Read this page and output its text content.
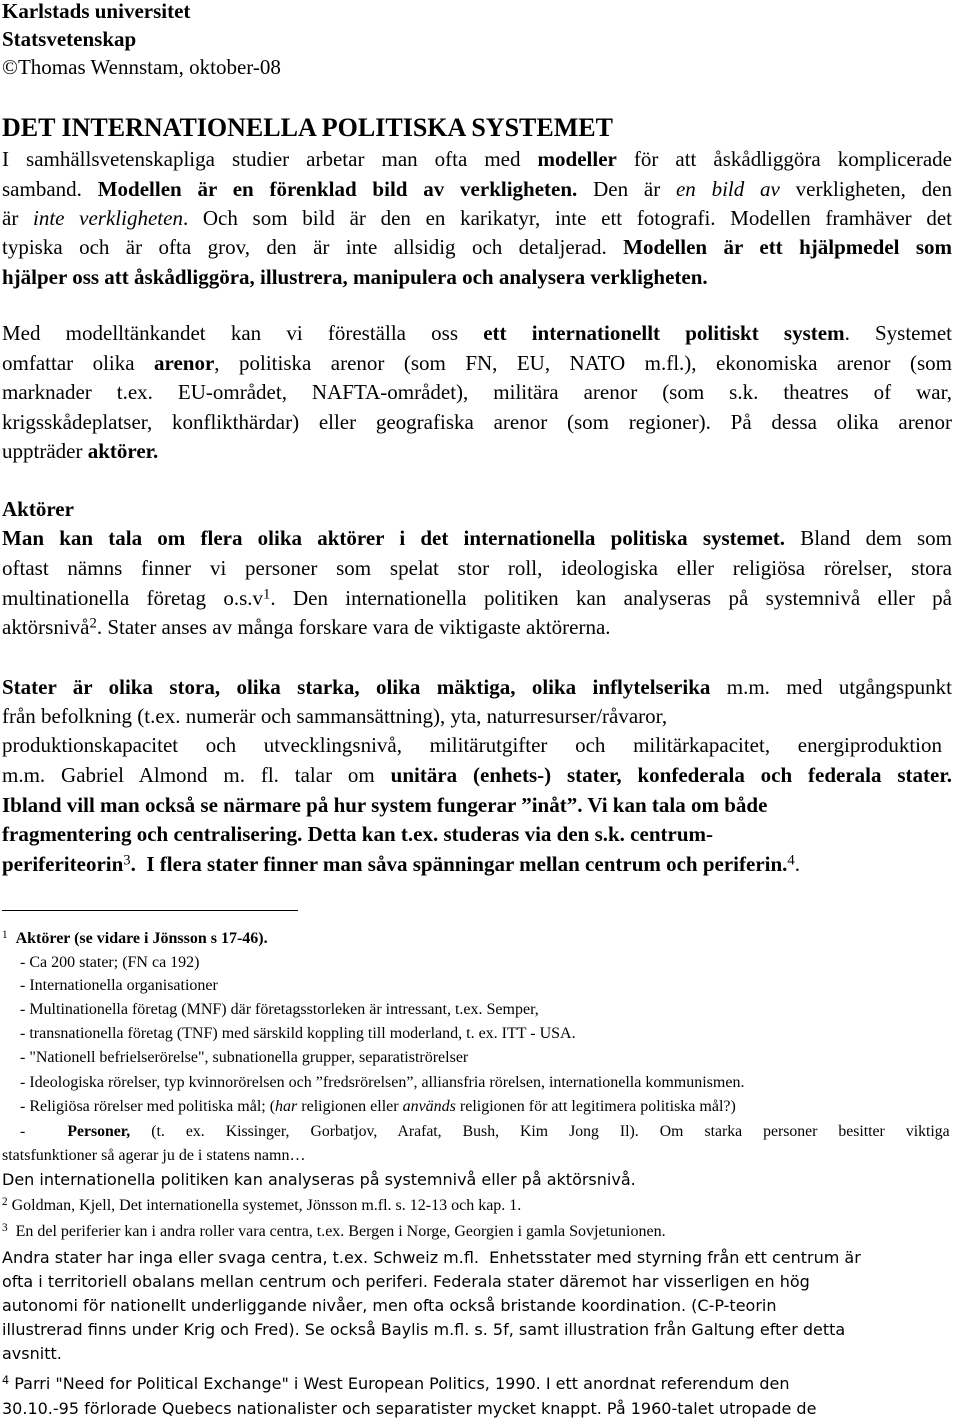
Karlstads universitet
Statsvetenskap
©Thomas Wennstam, oktober-08
DET INTERNATIONELLA POLITISKA SYSTEMET
I samhällsvetenskapliga studier arbetar man ofta med modeller för att åskådliggöra komplicerade
samband. Modellen är en förenklad bild av verkligheten. Den är en bild av verkligheten, den
är inte verkligheten. Och som bild är den en karikatyr, inte ett fotografi. Modellen framhäver det
typiska och är ofta grov, den är inte allsidig och detaljerad. Modellen är ett hjälpmedel som
hjälper oss att åskådliggöra, illustrera, manipulera och analysera verkligheten.
Med modelltänkandet kan vi föreställa oss ett internationellt politiskt system. Systemet
omfattar olika arenor, politiska arenor (som FN, EU, NATO m.fl.), ekonomiska arenor (som
marknader t.ex. EU-området, NAFTA-området), militära arenor (som s.k. theatres of war,
krigsskådeplatser, konflikthärdar) eller geografiska arenor (som regioner). På dessa olika arenor
uppträder aktörer.
Aktörer
Man kan tala om flera olika aktörer i det internationella politiska systemet. Bland dem som
oftast nämns finner vi personer som spelat stor roll, ideologiska eller religiösa rörelser, stora
multinationella företag $o.s.v^1$. Den internationella politiken kan analyseras på systemnivå eller på
aktörsnivå$^2$. Stater anses av många forskare vara de viktigaste aktörerna.
Stater är olika stora, olika starka, olika mäktiga, olika inflytelserika m.m. med utgångspunkt
från befolkning (t.ex. numerär och sammansättning), yta, naturresurser/råvaror,
produktionskapacitet och utvecklingsnivå, militärutgifter och militärkapacitet, energiproduktion
m.m. Gabriel Almond m. fl. talar om unitära (enhets-) stater, konfederala och federala stater.
Ibland vill man också se närmare på hur system fungerar ”inåt”. Vi kan tala om både
fragmentering och centralisering. Detta kan t.ex. studeras via den s.k. centrum-
periferiteorin$^3$.  I flera stater finner man såva spänningar mellan centrum och periferin.$^4$.
$^1$ Aktörer (se vidare i Jönsson s 17-46).
- Ca 200 stater; (FN ca 192)
- Internationella organisationer
- Multinationella företag (MNF) där företagsstorleken är intressant, t.ex. Semper,
- transnationella företag (TNF) med särskild koppling till moderland, t. ex. ITT - USA.
- "Nationell befrielserörelse", subnationella grupper, separatiströrelser
- Ideologiska rörelser, typ kvinnorörelsen och ”fredsrörelsen”, alliansfria rörelsen, internationella kommunismen.
- Religiösa rörelser med politiska mål; (har religionen eller används religionen för att legitimera politiska mål?)
-  Personer, (t. ex. Kissinger, Gorbatjov, Arafat, Bush, Kim Jong Il). Om starka personer besitter viktiga
statsfunktioner så agerar ju de i statens namn…
Den internationella politiken kan analyseras på systemnivå eller på aktörsnivå.
$^2$ Goldman, Kjell, Det internationella systemet, Jönsson m.fl. s. 12-13 och kap. 1.
$^3$  En del periferier kan i andra roller vara centra, t.ex. Bergen i Norge, Georgien i gamla Sovjetunionen.
Andra stater har inga eller svaga centra, t.ex. Schweiz m.fl.  Enhetsstater med styrning från ett centrum är
ofta i territoriell obalans mellan centrum och periferi. Federala stater däremot har visserligen en hög
autonomi för nationellt underliggande nivåer, men ofta också bristande koordination. (C-P-teorin
illustrerad finns under Krig och Fred). Se också Baylis m.fl. s. 5f, samt illustration från Galtung efter detta
avsnitt.
$^4$ Parri "Need for Political Exchange" i West European Politics, 1990. I ett anordnat referendum den
30.10.-95 förlorade Quebecs nationalister och separatister mycket knappt. På 1960-talet utropade de
